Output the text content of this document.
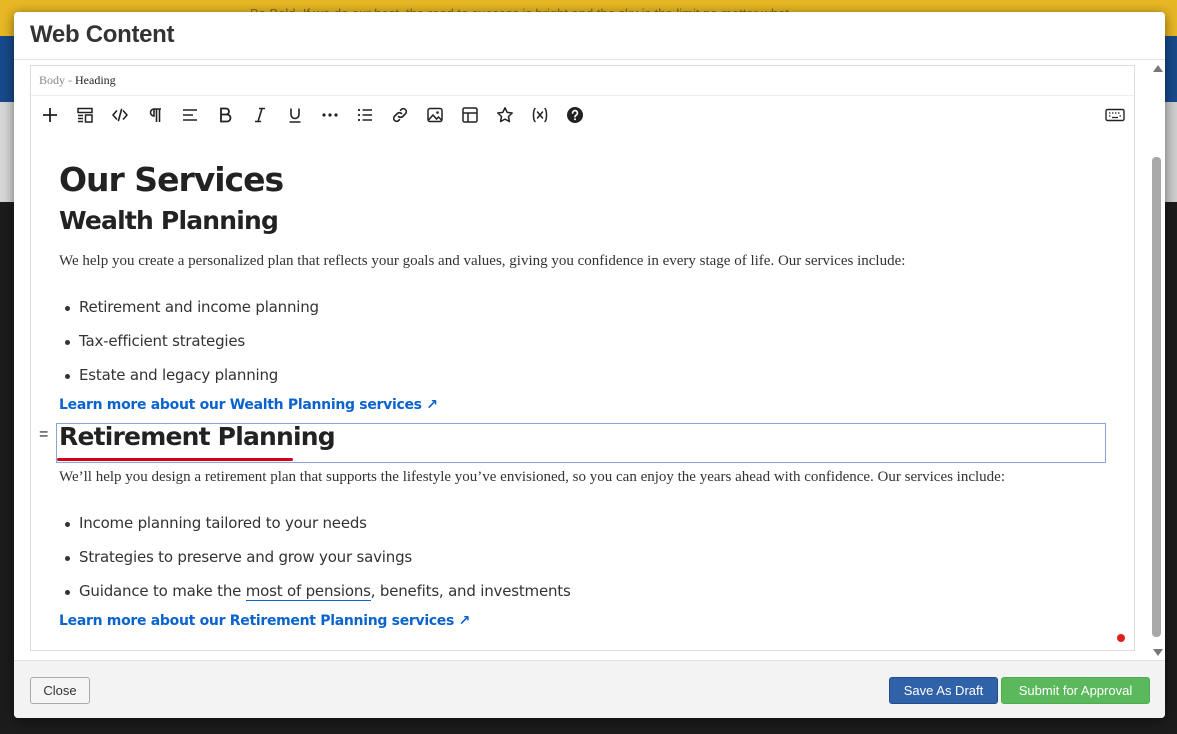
Web Content
Body - Heading
Our Services
Wealth Planning
We help you create a personalized plan that reflects your goals and values, giving you confidence in every stage of life. Our services include:
Retirement and income planning
Tax-efficient strategies
Estate and legacy planning
Learn more about our Wealth Planning services ↗
= Retirement Planning
We’ll help you design a retirement plan that supports the lifestyle you’ve envisioned, so you can enjoy the years ahead with confidence. Our services include:
Income planning tailored to your needs
Strategies to preserve and grow your savings
Guidance to make the most of pensions, benefits, and investments
Learn more about our Retirement Planning services ↗
Close	Save As Draft	Submit for Approval
